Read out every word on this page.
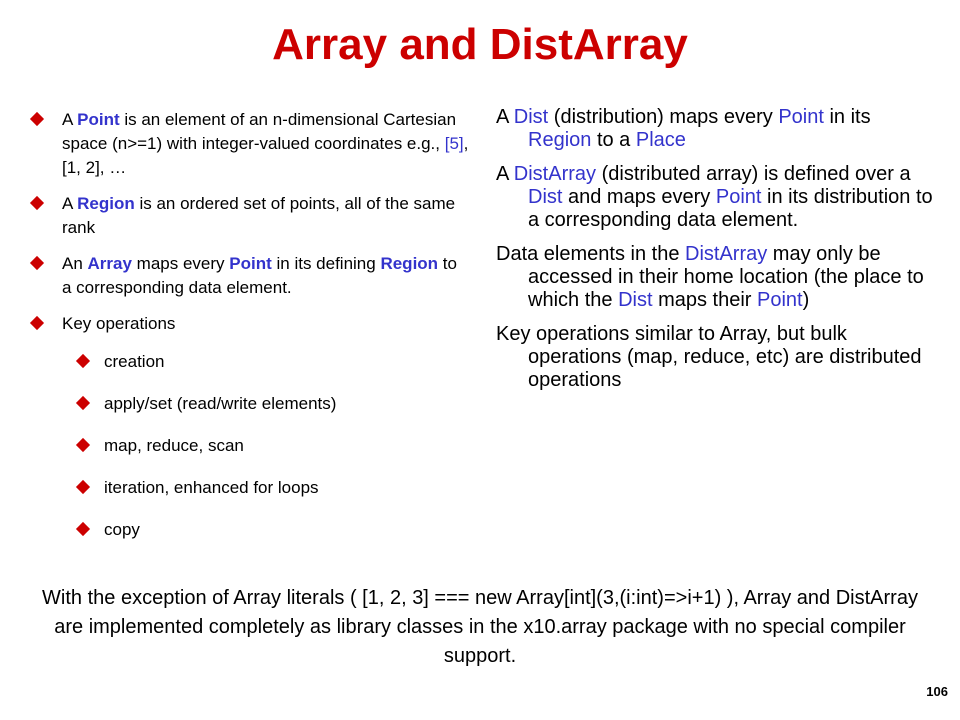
Array and DistArray
A Point is an element of an n-dimensional Cartesian space (n>=1) with integer-valued coordinates e.g., [5], [1, 2], …
A Region is an ordered set of points, all of the same rank
An Array maps every Point in its defining Region to a corresponding data element.
Key operations
creation
apply/set (read/write elements)
map, reduce, scan
iteration, enhanced for loops
copy
A Dist (distribution) maps every Point in its Region to a Place
A DistArray (distributed array) is defined over a Dist and maps every Point in its distribution to a corresponding data element.
Data elements in the DistArray may only be accessed in their home location (the place to which the Dist maps their Point)
Key operations similar to Array, but bulk operations (map, reduce, etc) are distributed operations
With the exception of Array literals ( [1, 2, 3] === new Array[int](3,(i:int)=>i+1) ), Array and DistArray are implemented completely as library classes in the x10.array package with no special compiler support.
106
